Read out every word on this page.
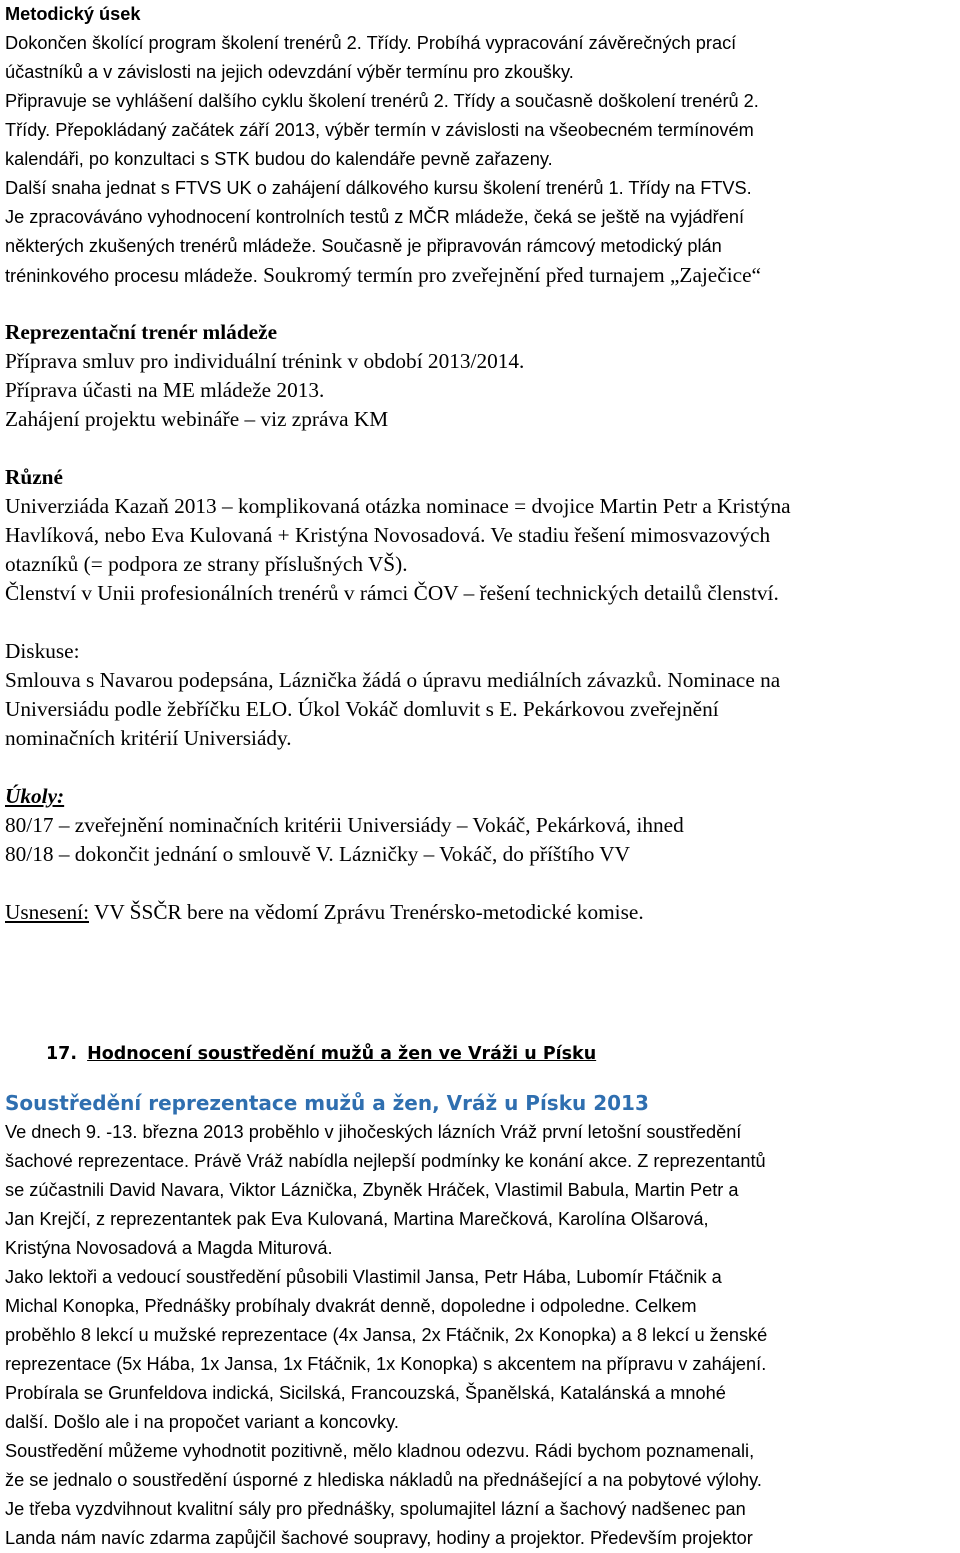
Metodický úsek
Dokončen školící program školení trenérů 2. Třídy. Probíhá vypracování závěrečných prací
účastníků a v závislosti na jejich odevzdání výběr termínu pro zkoušky.
Připravuje se vyhlášení dalšího cyklu školení trenérů 2. Třídy a současně doškolení trenérů 2.
Třídy. Přepokládaný začátek září 2013, výběr termín v závislosti na všeobecném termínovém
kalendáři, po konzultaci s STK budou do kalendáře pevně zařazeny.
Další snaha jednat s FTVS UK o zahájení dálkového kursu školení trenérů 1. Třídy na FTVS.
Je zpracováváno vyhodnocení kontrolních testů z MČR mládeže, čeká se ještě na vyjádření
některých zkušených trenérů mládeže. Současně je připravován rámcový metodický plán
tréninkového procesu mládeže. Soukromý termín pro zveřejnění před turnajem „Zaječice“
Reprezentační trenér mládeže
Příprava smluv pro individuální trénink v období 2013/2014.
Příprava účasti na ME mládeže 2013.
Zahájení projektu webináře – viz zpráva KM
Různé
Univerziáda Kazaň 2013 – komplikovaná otázka nominace = dvojice Martin Petr a Kristýna
Havlíková, nebo Eva Kulovaná + Kristýna Novosadová. Ve stadiu řešení mimosvazových
otazníků (= podpora ze strany příslušných VŠ).
Členství v Unii profesionálních trenérů v rámci ČOV – řešení technických detailů členství.
Diskuse:
Smlouva s Navarou podepsána, Láznička žádá o úpravu mediálních závazků. Nominace na
Universiádu podle žebříčku ELO. Úkol Vokáč domluvit s E. Pekárkovou zveřejnění
nominačních kritérií Universiády.
Úkoly:
80/17 – zveřejnění nominačních kritérii Universiády – Vokáč, Pekárková, ihned
80/18 – dokončit jednání o smlouvě V. Lázničky – Vokáč, do příštího VV
Usnesení: VV ŠSČR bere na vědomí Zprávu Trenérsko-metodické komise.
17. Hodnocení soustředění mužů a žen ve Vráži u Písku
Soustředění reprezentace mužů a žen, Vráž u Písku 2013
Ve dnech 9. -13. března 2013 proběhlo v jihočeských lázních Vráž první letošní soustředění
šachové reprezentace. Právě Vráž nabídla nejlepší podmínky ke konání akce. Z reprezentantů
se zúčastnili David Navara, Viktor Láznička, Zbyněk Hráček, Vlastimil Babula, Martin Petr a
Jan Krejčí, z reprezentantek pak Eva Kulovaná, Martina Marečková, Karolína Olšarová,
Kristýna Novosadová a Magda Miturová.
Jako lektoři a vedoucí soustředění působili Vlastimil Jansa, Petr Hába, Lubomír Ftáčnik a
Michal Konopka, Přednášky probíhaly dvakrát denně, dopoledne i odpoledne. Celkem
proběhlo 8 lekcí u mužské reprezentace (4x Jansa, 2x Ftáčnik, 2x Konopka) a 8 lekcí u ženské
reprezentace (5x Hába, 1x Jansa, 1x Ftáčnik, 1x Konopka) s akcentem na přípravu v zahájení.
Probírala se Grunfeldova indická, Sicilská, Francouzská, Španělská, Katalánská a mnohé
další. Došlo ale i na propočet variant a koncovky.
Soustředění můžeme vyhodnotit pozitivně, mělo kladnou odezvu. Rádi bychom poznamenali,
že se jednalo o soustředění úsporné z hlediska nákladů na přednášející a na pobytové výlohy.
Je třeba vyzdvihnout kvalitní sály pro přednášky, spolumajitel lázní a šachový nadšenec pan
Landa nám navíc zdarma zapůjčil šachové soupravy, hodiny a projektor. Především projektor
